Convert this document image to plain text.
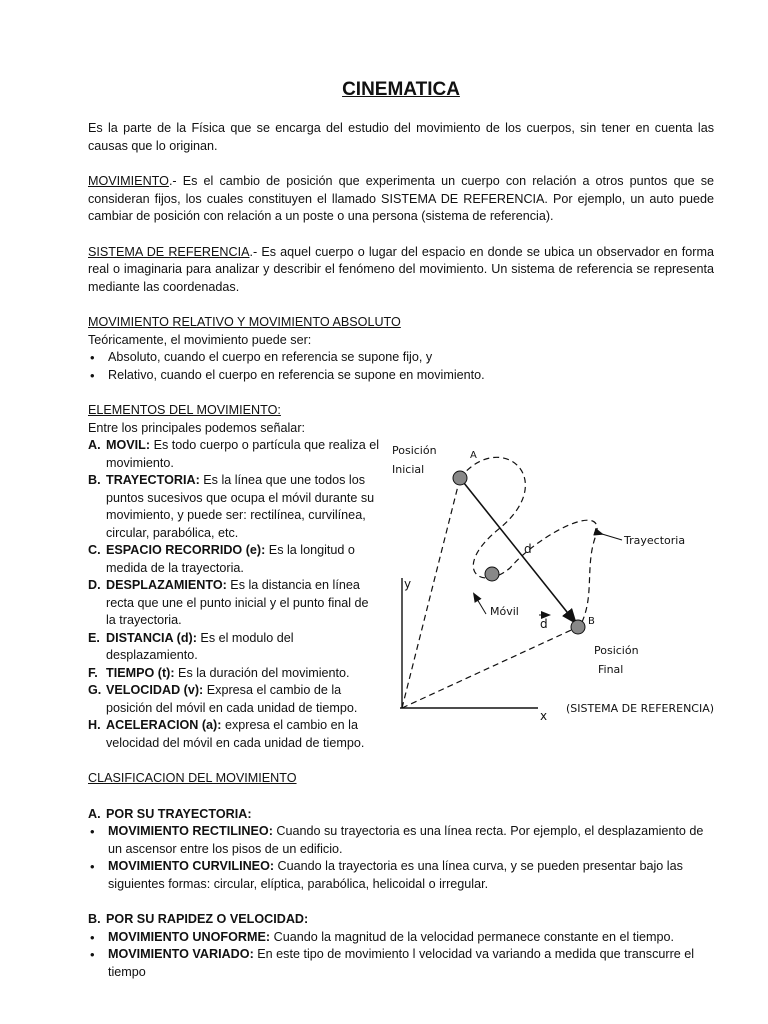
CINEMATICA

Es la parte de la Física que se encarga del estudio del movimiento de los cuerpos, sin tener en cuenta las causas que lo originan.

MOVIMIENTO.- Es el cambio de posición que experimenta un cuerpo con relación a otros puntos que se consideran fijos, los cuales constituyen el llamado SISTEMA DE REFERENCIA. Por ejemplo, un auto puede cambiar de posición con relación a un poste o una persona (sistema de referencia).

SISTEMA DE REFERENCIA.- Es aquel cuerpo o lugar del espacio en donde se ubica un observador en forma real o imaginaria para analizar y describir el fenómeno del movimiento. Un sistema de referencia se representa mediante las coordenadas.

MOVIMIENTO RELATIVO Y MOVIMIENTO ABSOLUTO
Teóricamente, el movimiento puede ser:
• Absoluto, cuando el cuerpo en referencia se supone fijo, y
• Relativo, cuando el cuerpo en referencia se supone en movimiento.
ELEMENTOS DEL MOVIMIENTO:
Entre los principales podemos señalar:
A. MOVIL: Es todo cuerpo o partícula que realiza el movimiento.
B. TRAYECTORIA: Es la línea que une todos los puntos sucesivos que ocupa el móvil durante su movimiento, y puede ser: rectilínea, curvilínea, circular, parabólica, etc.
C. ESPACIO RECORRIDO (e): Es la longitud o medida de la trayectoria.
D. DESPLAZAMIENTO: Es la distancia en línea recta que une el punto inicial y el punto final de la trayectoria.
E. DISTANCIA (d): Es el modulo del desplazamiento.
F. TIEMPO (t): Es la duración del movimiento.
G. VELOCIDAD (v): Expresa el cambio de la posición del móvil en cada unidad de tiempo.
H. ACELERACION (a): expresa el cambio en la velocidad del móvil en cada unidad de tiempo.
y
x
d
d
A
Posición
Inicial
Móvil
B
Posición
Final
Trayectoria
(SISTEMA DE REFERENCIA)
CLASIFICACION DEL MOVIMIENTO
A. POR SU TRAYECTORIA:
• MOVIMIENTO RECTILINEO: Cuando su trayectoria es una línea recta. Por ejemplo, el desplazamiento de un ascensor entre los pisos de un edificio.
• MOVIMIENTO CURVILINEO: Cuando la trayectoria es una línea curva, y se pueden presentar bajo las siguientes formas: circular, elíptica, parabólica, helicoidal o irregular.
B. POR SU RAPIDEZ O VELOCIDAD:
• MOVIMIENTO UNOFORME: Cuando la magnitud de la velocidad permanece constante en el tiempo.
• MOVIMIENTO VARIADO: En este tipo de movimiento l velocidad va variando a medida que transcurre el tiempo
